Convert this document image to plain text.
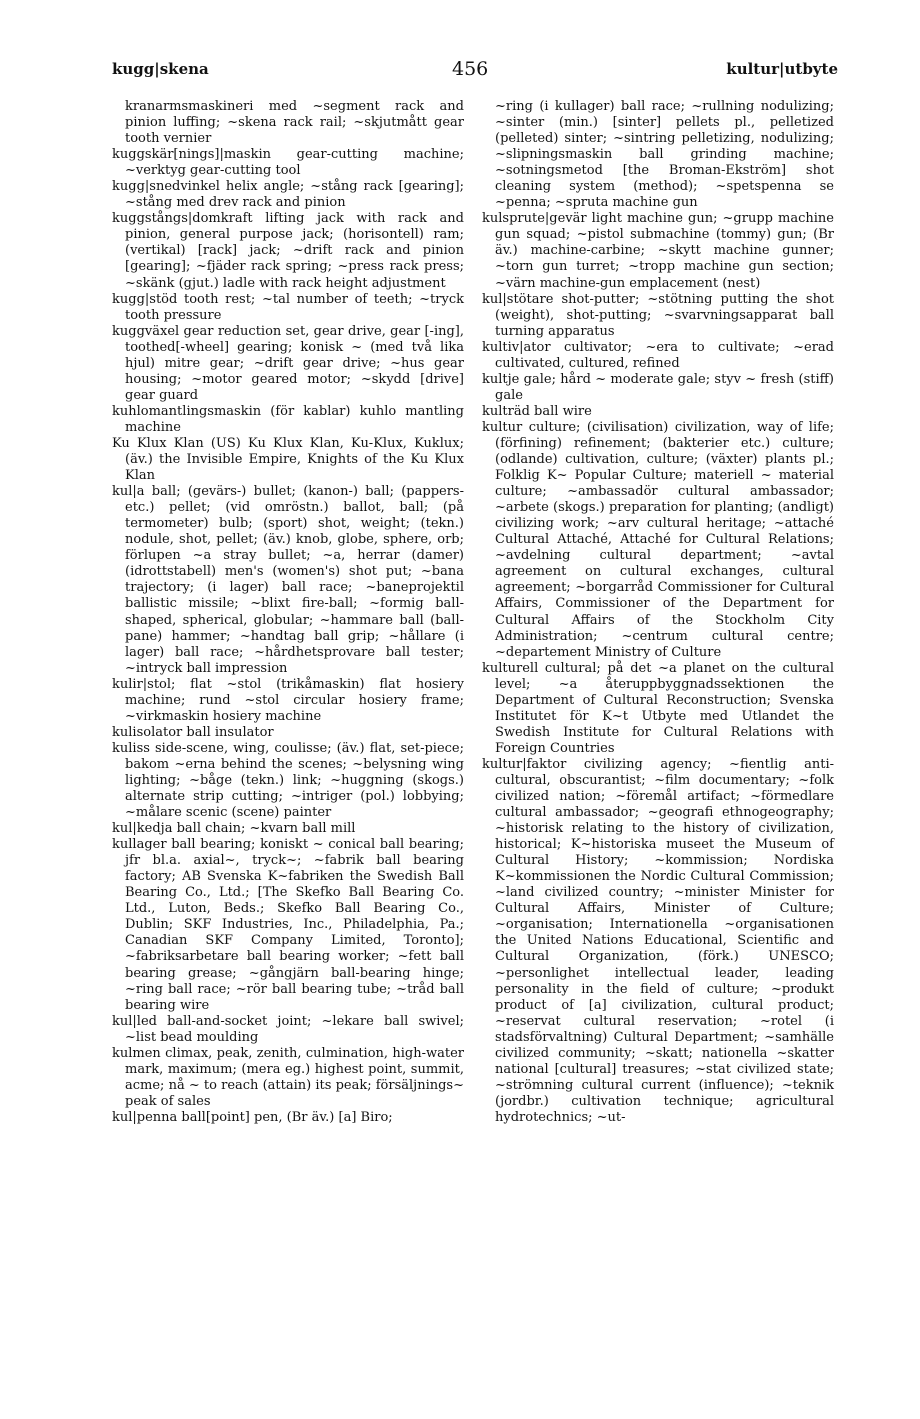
kugg|skena	456	kultur|utbyte

kranarmsmaskineri med ~segment rack and pinion luffing; ~skena rack rail; ~skjutmått gear tooth vernier

kuggskär[nings]|maskin gear-cutting machine; ~verktyg gear-cutting tool

kugg|snedvinkel helix angle; ~stång rack [gearing]; ~stång med drev rack and pinion

kuggstångs|domkraft lifting jack with rack and pinion, general purpose jack; (horisontell) ram; (vertikal) [rack] jack; ~drift rack and pinion [gearing]; ~fjäder rack spring; ~press rack press; ~skänk (gjut.) ladle with rack height adjustment

kugg|stöd tooth rest; ~tal number of teeth; ~tryck tooth pressure

kuggväxel gear reduction set, gear drive, gear [-ing], toothed[-wheel] gearing; konisk ~ (med två lika hjul) mitre gear; ~drift gear drive; ~hus gear housing; ~motor geared motor; ~skydd [drive] gear guard

kuhlomantlingsmaskin (för kablar) kuhlo mantling machine

Ku Klux Klan (US) Ku Klux Klan, Ku-Klux, Kuklux; (äv.) the Invisible Empire, Knights of the Ku Klux Klan

kul|a ball; (gevärs-) bullet; (kanon-) ball; (pappers- etc.) pellet; (vid omröstn.) ballot, ball; (på termometer) bulb; (sport) shot, weight; (tekn.) nodule, shot, pellet; (äv.) knob, globe, sphere, orb; förlupen ~a stray bullet; ~a, herrar (damer) (idrottstabell) men's (women's) shot put; ~bana trajectory; (i lager) ball race; ~baneprojektil ballistic missile; ~blixt fire-ball; ~formig ball-shaped, spherical, globular; ~hammare ball (ball-pane) hammer; ~handtag ball grip; ~hållare (i lager) ball race; ~hårdhetsprovare ball tester; ~intryck ball impression

kulir|stol; flat ~stol (trikåmaskin) flat hosiery machine; rund ~stol circular hosiery frame; ~virkmaskin hosiery machine

kulisolator ball insulator

kuliss side-scene, wing, coulisse; (äv.) flat, set-piece; bakom ~erna behind the scenes; ~belysning wing lighting; ~båge (tekn.) link; ~huggning (skogs.) alternate strip cutting; ~intriger (pol.) lobbying; ~målare scenic (scene) painter

kul|kedja ball chain; ~kvarn ball mill

kullager ball bearing; koniskt ~ conical ball bearing; jfr bl.a. axial~, tryck~; ~fabrik ball bearing factory; AB Svenska K~fabriken the Swedish Ball Bearing Co., Ltd.; [The Skefko Ball Bearing Co. Ltd., Luton, Beds.; Skefko Ball Bearing Co., Dublin; SKF Industries, Inc., Philadelphia, Pa.; Canadian SKF Company Limited, Toronto]; ~fabriksarbetare ball bearing worker; ~fett ball bearing grease; ~gångjärn ball-bearing hinge; ~ring ball race; ~rör ball bearing tube; ~tråd ball bearing wire

kul|led ball-and-socket joint; ~lekare ball swivel; ~list bead moulding

kulmen climax, peak, zenith, culmination, high-water mark, maximum; (mera eg.) highest point, summit, acme; nå ~ to reach (attain) its peak; försäljnings~ peak of sales

kul|penna ball[point] pen, (Br äv.) [a] Biro;

~ring (i kullager) ball race; ~rullning nodulizing; ~sinter (min.) [sinter] pellets pl., pelletized (pelleted) sinter; ~sintring pelletizing, nodulizing; ~slipningsmaskin ball grinding machine; ~sotningsmetod [the Broman-Ekström] shot cleaning system (method); ~spetspenna se ~penna; ~spruta machine gun

kulsprute|gevär light machine gun; ~grupp machine gun squad; ~pistol submachine (tommy) gun; (Br äv.) machine-carbine; ~skytt machine gunner; ~torn gun turret; ~tropp machine gun section; ~värn machine-gun emplacement (nest)

kul|stötare shot-putter; ~stötning putting the shot (weight), shot-putting; ~svarvningsapparat ball turning apparatus

kultiv|ator cultivator; ~era to cultivate; ~erad cultivated, cultured, refined

kultje gale; hård ~ moderate gale; styv ~ fresh (stiff) gale

kulträd ball wire

kultur culture; (civilisation) civilization, way of life; (förfining) refinement; (bakterier etc.) culture; (odlande) cultivation, culture; (växter) plants pl.; Folklig K~ Popular Culture; materiell ~ material culture; ~ambassadör cultural ambassador; ~arbete (skogs.) preparation for planting; (andligt) civilizing work; ~arv cultural heritage; ~attaché Cultural Attaché, Attaché for Cultural Relations; ~avdelning cultural department; ~avtal agreement on cultural exchanges, cultural agreement; ~borgarråd Commissioner for Cultural Affairs, Commissioner of the Department for Cultural Affairs of the Stockholm City Administration; ~centrum cultural centre; ~departement Ministry of Culture

kulturell cultural; på det ~a planet on the cultural level; ~a återuppbyggnadssektionen the Department of Cultural Reconstruction; Svenska Institutet för K~t Utbyte med Utlandet the Swedish Institute for Cultural Relations with Foreign Countries

kultur|faktor civilizing agency; ~fientlig anti-cultural, obscurantist; ~film documentary; ~folk civilized nation; ~föremål artifact; ~förmedlare cultural ambassador; ~geografi ethnogeography; ~historisk relating to the history of civilization, historical; K~historiska museet the Museum of Cultural History; ~kommission; Nordiska K~kommissionen the Nordic Cultural Commission; ~land civilized country; ~minister Minister for Cultural Affairs, Minister of Culture; ~organisation; Internationella ~organisationen the United Nations Educational, Scientific and Cultural Organization, (förk.) UNESCO; ~personlighet intellectual leader, leading personality in the field of culture; ~produkt product of [a] civilization, cultural product; ~reservat cultural reservation; ~rotel (i stadsförvaltning) Cultural Department; ~samhälle civilized community; ~skatt; nationella ~skatter national [cultural] treasures; ~stat civilized state; ~strömning cultural current (influence); ~teknik (jordbr.) cultivation technique; agricultural hydrotechnics; ~ut-
